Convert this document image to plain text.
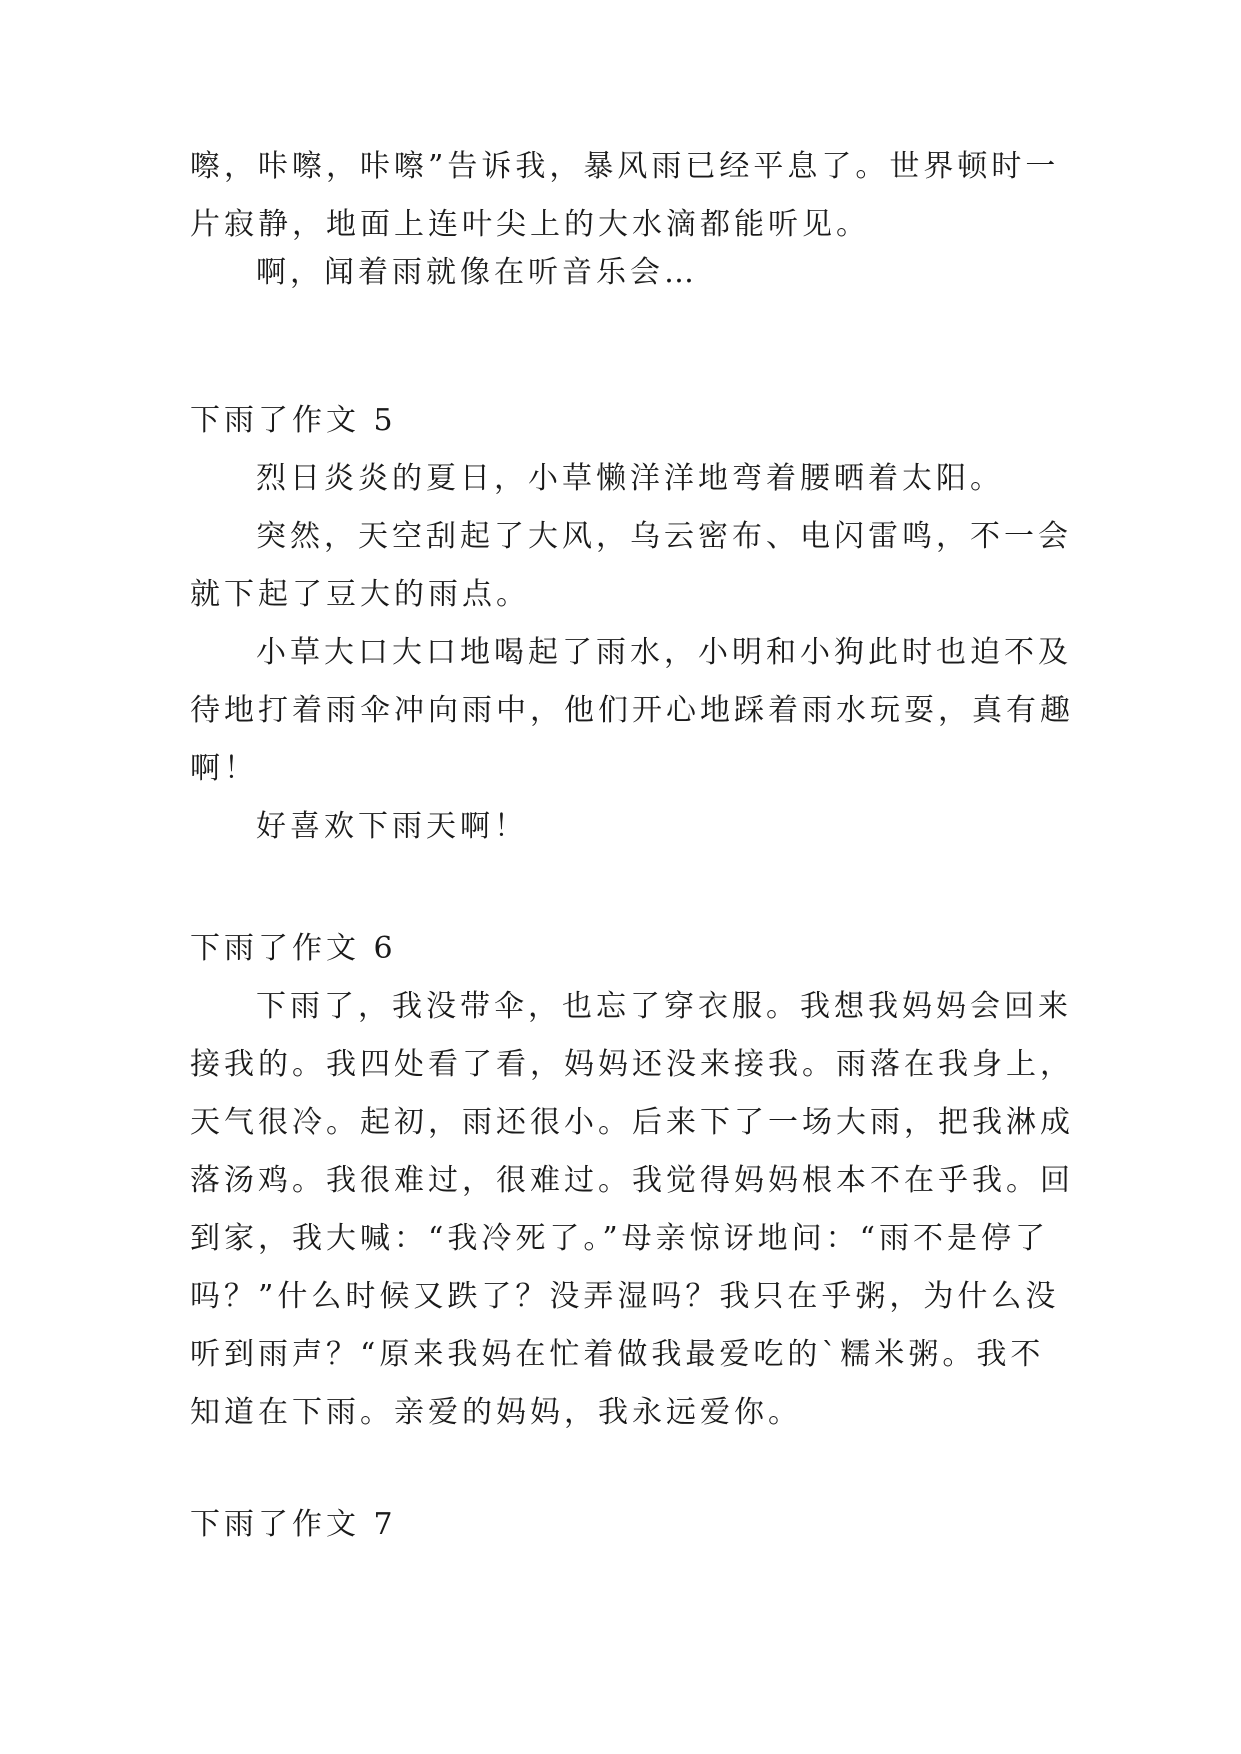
嚓，咔嚓，咔嚓”告诉我，暴风雨已经平息了。世界顿时一
片寂静，地面上连叶尖上的大水滴都能听见。
啊，闻着雨就像在听音乐会…
下雨了作文 5
烈日炎炎的夏日，小草懒洋洋地弯着腰晒着太阳。
突然，天空刮起了大风，乌云密布、电闪雷鸣，不一会
就下起了豆大的雨点。
小草大口大口地喝起了雨水，小明和小狗此时也迫不及
待地打着雨伞冲向雨中，他们开心地踩着雨水玩耍，真有趣
啊！
好喜欢下雨天啊！
下雨了作文 6
下雨了，我没带伞，也忘了穿衣服。我想我妈妈会回来
接我的。我四处看了看，妈妈还没来接我。雨落在我身上，
天气很冷。起初，雨还很小。后来下了一场大雨，把我淋成
落汤鸡。我很难过，很难过。我觉得妈妈根本不在乎我。回
到家，我大喊：“我冷死了。”母亲惊讶地问：“雨不是停了
吗？”什么时候又跌了？没弄湿吗？我只在乎粥，为什么没
听到雨声？“原来我妈在忙着做我最爱吃的`糯米粥。我不
知道在下雨。亲爱的妈妈，我永远爱你。
下雨了作文 7
